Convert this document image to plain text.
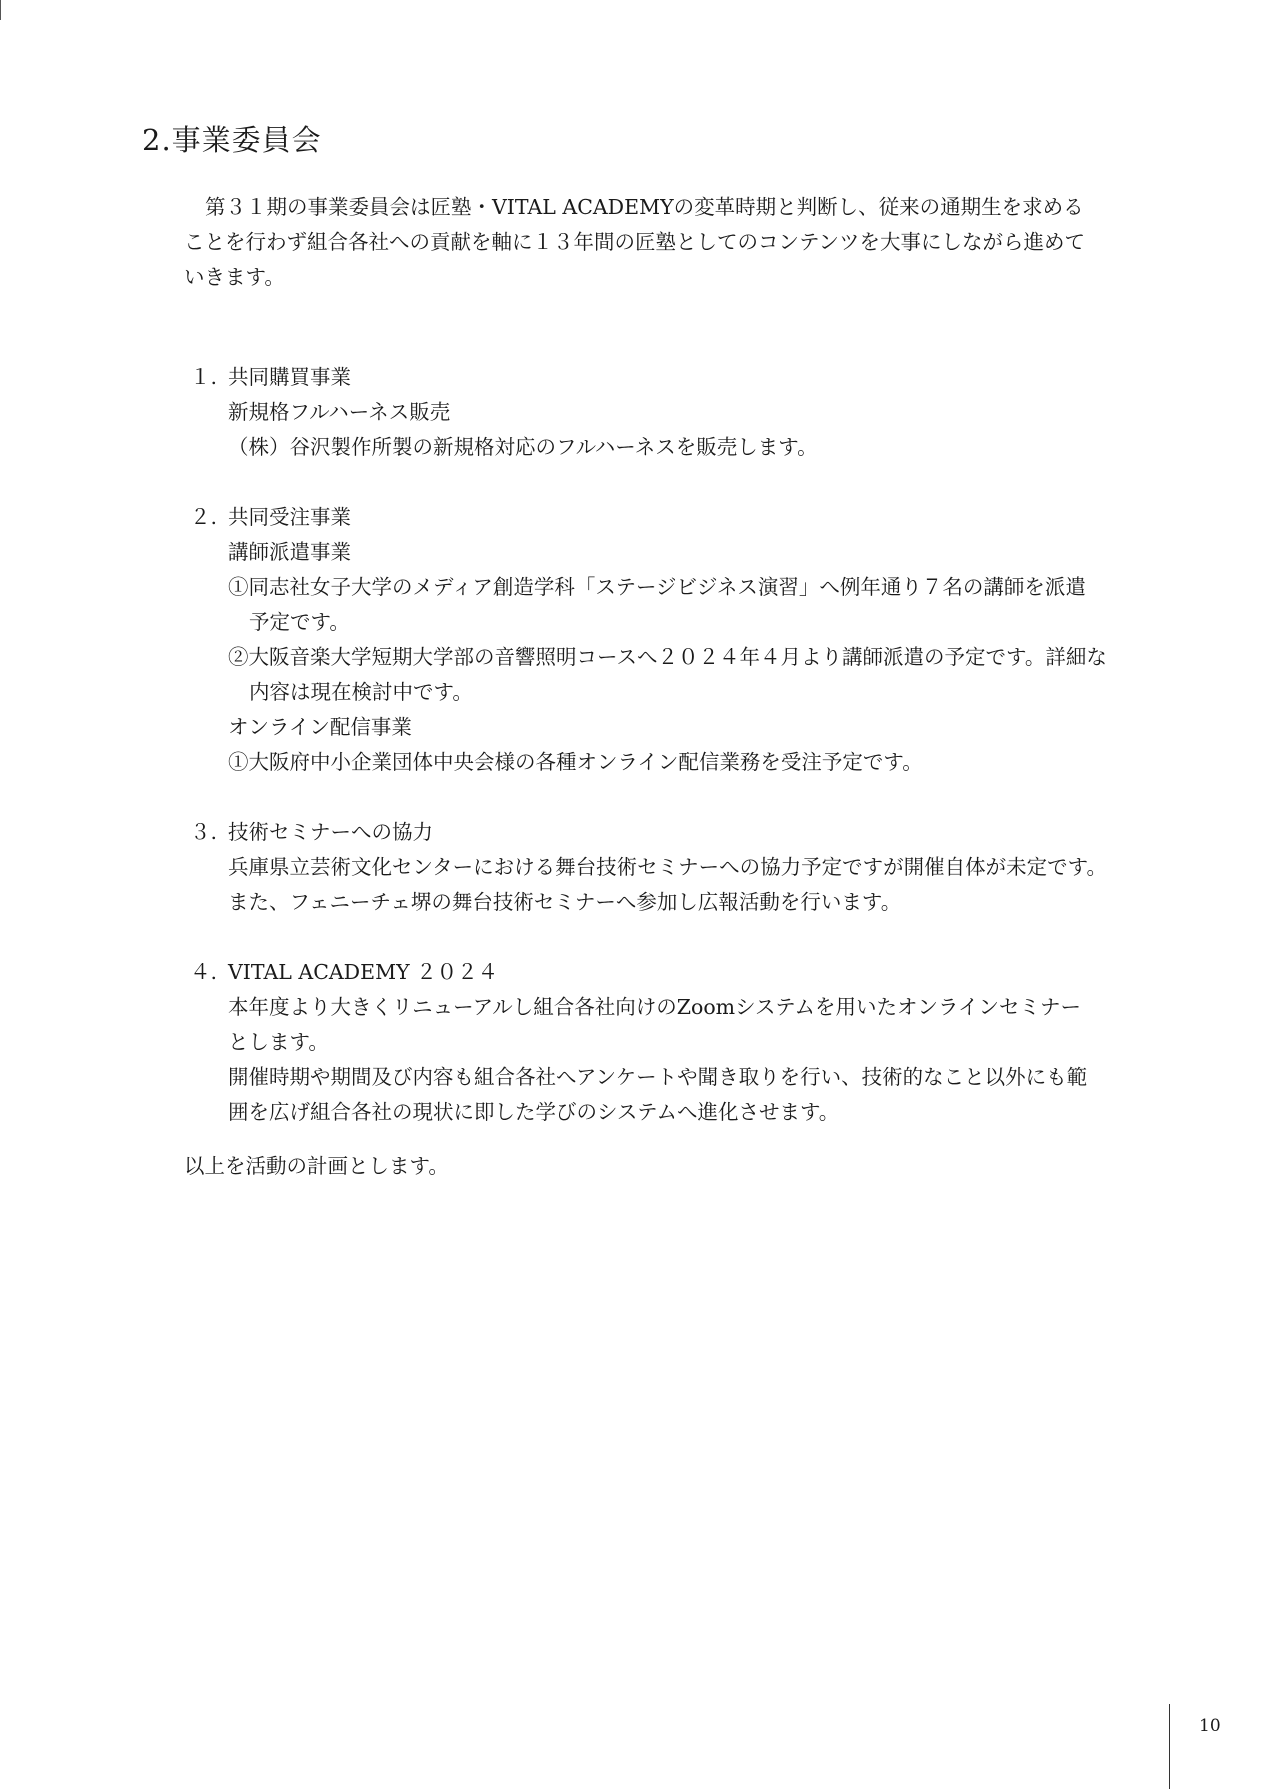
2.事業委員会
第３１期の事業委員会は匠塾・VITAL ACADEMYの変革時期と判断し、従来の通期生を求める
ことを行わず組合各社への貢献を軸に１３年間の匠塾としてのコンテンツを大事にしながら進めて
いきます。
１. 共同購買事業
新規格フルハーネス販売
（株）谷沢製作所製の新規格対応のフルハーネスを販売します。
２. 共同受注事業
講師派遣事業
①同志社女子大学のメディア創造学科「ステージビジネス演習」へ例年通り７名の講師を派遣
予定です。
②大阪音楽大学短期大学部の音響照明コースへ２０２４年４月より講師派遣の予定です。詳細な
内容は現在検討中です。
オンライン配信事業
①大阪府中小企業団体中央会様の各種オンライン配信業務を受注予定です。
３. 技術セミナーへの協力
兵庫県立芸術文化センターにおける舞台技術セミナーへの協力予定ですが開催自体が未定です。
また、フェニーチェ堺の舞台技術セミナーへ参加し広報活動を行います。
４. VITAL ACADEMY ２０２４
本年度より大きくリニューアルし組合各社向けのZoomシステムを用いたオンラインセミナー
とします。
開催時期や期間及び内容も組合各社へアンケートや聞き取りを行い、技術的なこと以外にも範
囲を広げ組合各社の現状に即した学びのシステムへ進化させます。

以上を活動の計画とします。

10
